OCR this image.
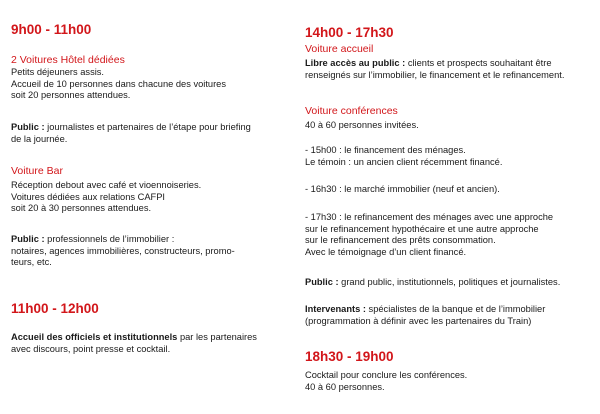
9h00 - 11h00
2 Voitures Hôtel dédiées
Petits déjeuners assis.
Accueil de 10 personnes dans chacune des voitures
soit 20 personnes attendues.
Public : journalistes et partenaires de l’étape pour briefing
de la journée.
Voiture Bar
Réception debout avec café et vioennoiseries.
Voitures dédiées aux relations CAFPI
soit 20 à 30 personnes attendues.
Public : professionnels de l’immobilier :
notaires, agences immobilières, constructeurs, promo-
teurs, etc.
11h00 - 12h00
Accueil des officiels et institutionnels par les partenaires
avec discours, point presse et cocktail.
14h00 - 17h30
Voiture accueil
Libre accès au public : clients et prospects souhaitant être
renseignés sur l’immobilier, le financement et le refinancement.
Voiture conférences
40 à 60 personnes invitées.
- 15h00 : le financement des ménages.
Le témoin : un ancien client récemment financé.
- 16h30 : le marché immobilier (neuf et ancien).
- 17h30 : le refinancement des ménages avec une approche
sur le refinancement hypothécaire et une autre approche
sur le refinancement des prêts consommation.
Avec le témoignage d’un client financé.
Public : grand public, institutionnels, politiques et journalistes.
Intervenants : spécialistes de la banque et de l’immobilier
(programmation à définir avec les partenaires du Train)
18h30 - 19h00
Cocktail pour conclure les conférences.
40 à 60 personnes.
